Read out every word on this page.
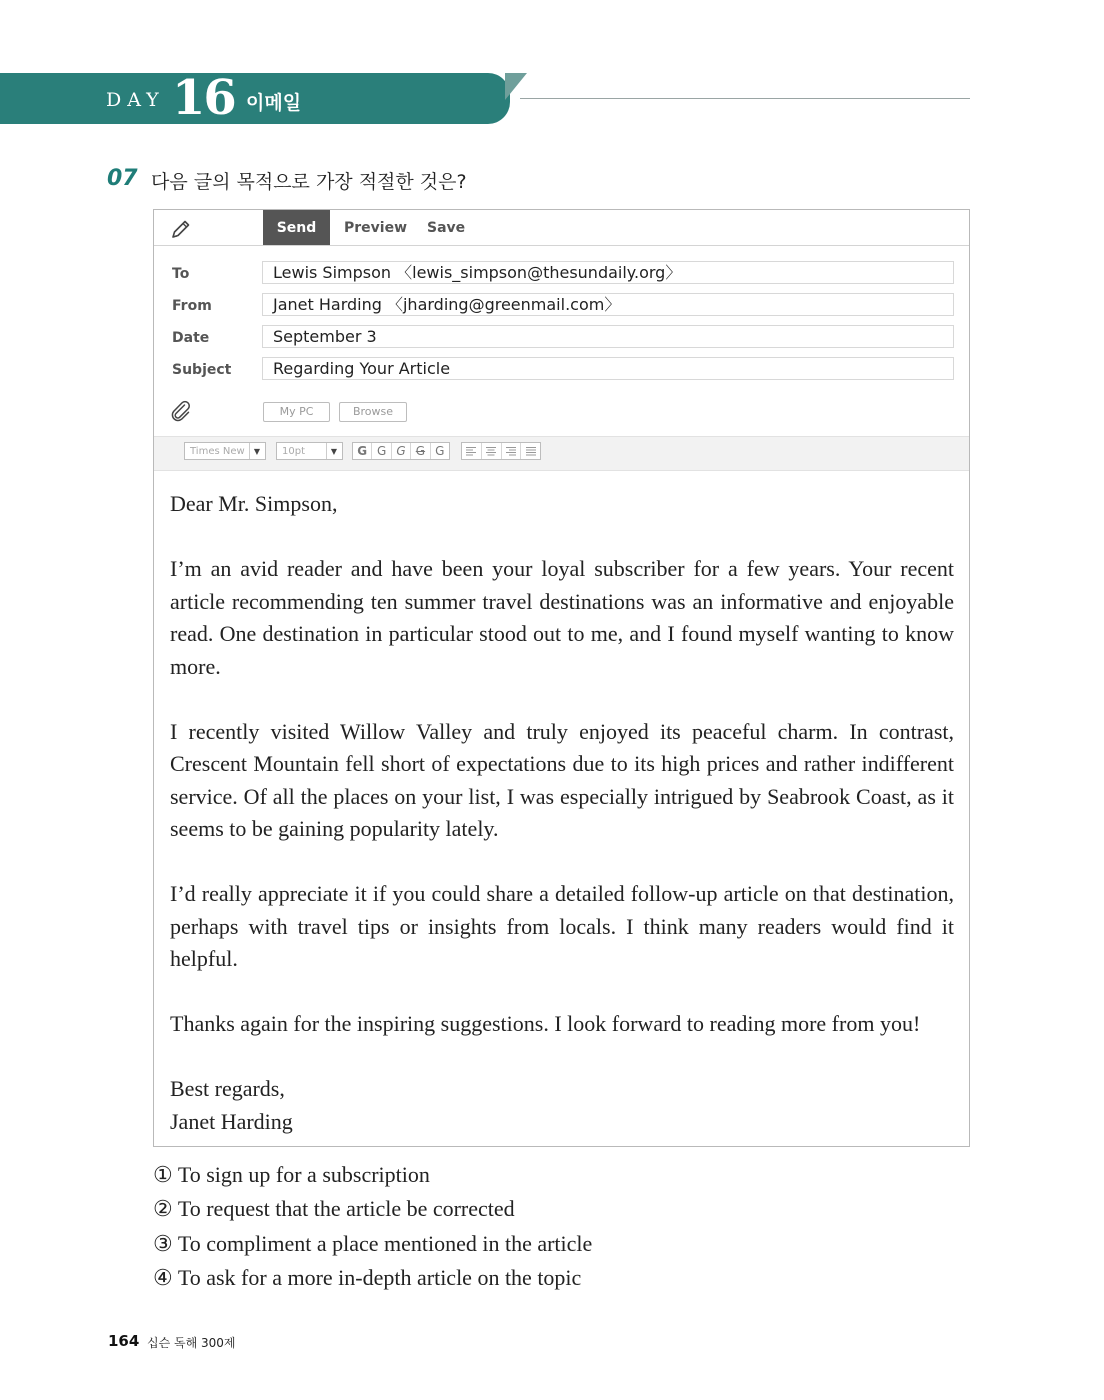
DAY 16 이메일
07 다음 글의 목적으로 가장 적절한 것은?
Send	Preview Save
To	Lewis Simpson 〈lewis_simpson@thesundaily.org〉
From	Janet Harding 〈jharding@greenmail.com〉
Date	September 3
Subject	Regarding Your Article
My PC	Browse
Times New ▼	10pt	▼	G G G G G

Dear Mr. Simpson,

I’m an avid reader and have been your loyal subscriber for a few years. Your recent article recommending ten summer travel destinations was an informative and enjoyable read. One destination in particular stood out to me, and I found myself wanting to know more.

I recently visited Willow Valley and truly enjoyed its peaceful charm. In contrast, Crescent Mountain fell short of expectations due to its high prices and rather indifferent service. Of all the places on your list, I was especially intrigued by Seabrook Coast, as it seems to be gaining popularity lately.

I’d really appreciate it if you could share a detailed follow-up article on that destination, perhaps with travel tips or insights from locals. I think many readers would find it helpful.

Thanks again for the inspiring suggestions. I look forward to reading more from you!

Best regards,

Janet Harding

① To sign up for a subscription
② To request that the article be corrected
③ To compliment a place mentioned in the article
④ To ask for a more in-depth article on the topic
164 십슨 독해 300제
